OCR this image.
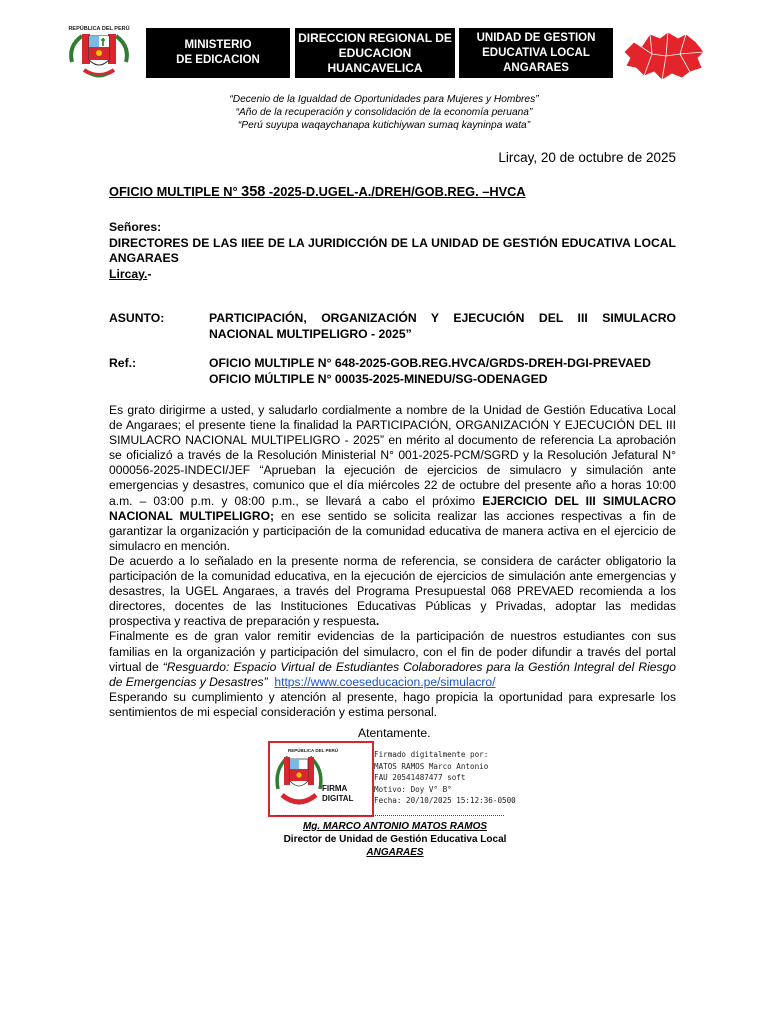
REPÚBLICA DEL PERÚ
MINISTERIO
DE EDICACION
DIRECCION REGIONAL DE
EDUCACION HUANCAVELICA
UNIDAD DE GESTION
EDUCATIVA LOCAL
ANGARAES
“Decenio de la Igualdad de Oportunidades para Mujeres y Hombres”
“Año de la recuperación y consolidación de la economía peruana”
“Perú suyupa waqaychanapa kutichiywan sumaq kayninpa wata”
Lircay, 20 de octubre de 2025
OFICIO MULTIPLE N° 358 -2025-D.UGEL-A./DREH/GOB.REG. –HVCA
Señores:
DIRECTORES DE LAS IIEE DE LA JURIDICCIÓN DE LA UNIDAD DE GESTIÓN EDUCATIVA LOCAL ANGARAES
Lircay.-
ASUNTO:	PARTICIPACIÓN, ORGANIZACIÓN Y EJECUCIÓN DEL III SIMULACRO NACIONAL MULTIPELIGRO - 2025”
Ref.:	OFICIO MULTIPLE N° 648-2025-GOB.REG.HVCA/GRDS-DREH-DGI-PREVAED
OFICIO MÚLTIPLE N° 00035-2025-MINEDU/SG-ODENAGED

Es grato dirigirme a usted, y saludarlo cordialmente a nombre de la Unidad de Gestión Educativa Local de Angaraes; el presente tiene la finalidad la PARTICIPACIÓN, ORGANIZACIÓN Y EJECUCIÓN DEL III SIMULACRO NACIONAL MULTIPELIGRO - 2025” en mérito al documento de referencia La aprobación se oficializó a través de la Resolución Ministerial N° 001-2025-PCM/SGRD y la Resolución Jefatural N° 000056-2025-INDECI/JEF “Aprueban la ejecución de ejercicios de simulacro y simulación ante emergencias y desastres, comunico que el día miércoles 22 de octubre del presente año a horas 10:00 a.m. – 03:00 p.m. y 08:00 p.m., se llevará a cabo el próximo EJERCICIO DEL III SIMULACRO NACIONAL MULTIPELIGRO; en ese sentido se solicita realizar las acciones respectivas a fin de garantizar la organización y participación de la comunidad educativa de manera activa en el ejercicio de simulacro en mención.

De acuerdo a lo señalado en la presente norma de referencia, se considera de carácter obligatorio la participación de la comunidad educativa, en la ejecución de ejercicios de simulación ante emergencias y desastres, la UGEL Angaraes, a través del Programa Presupuestal 068 PREVAED recomienda a los directores, docentes de las Instituciones Educativas Públicas y Privadas, adoptar las medidas prospectiva y reactiva de preparación y respuesta.

Finalmente es de gran valor remitir evidencias de la participación de nuestros estudiantes con sus familias en la organización y participación del simulacro, con el fin de poder difundir a través del portal virtual de “Resguardo: Espacio Virtual de Estudiantes Colaboradores para la Gestión Integral del Riesgo de Emergencias y Desastres” https://www.coeseducacion.pe/simulacro/

Esperando su cumplimiento y atención al presente, hago propicia la oportunidad para expresarle los sentimientos de mi especial consideración y estima personal.

Atentamente.
REPÚBLICA DEL PERÚ
FIRMA
DIGITAL
Firmado digitalmente por:
MATOS RAMOS Marco Antonio
FAU 20541487477 soft
Motivo: Doy V° B°
Fecha: 20/10/2025 15:12:36-0500
Mg. MARCO ANTONIO MATOS RAMOS
Director de Unidad de Gestión Educativa Local
ANGARAES
